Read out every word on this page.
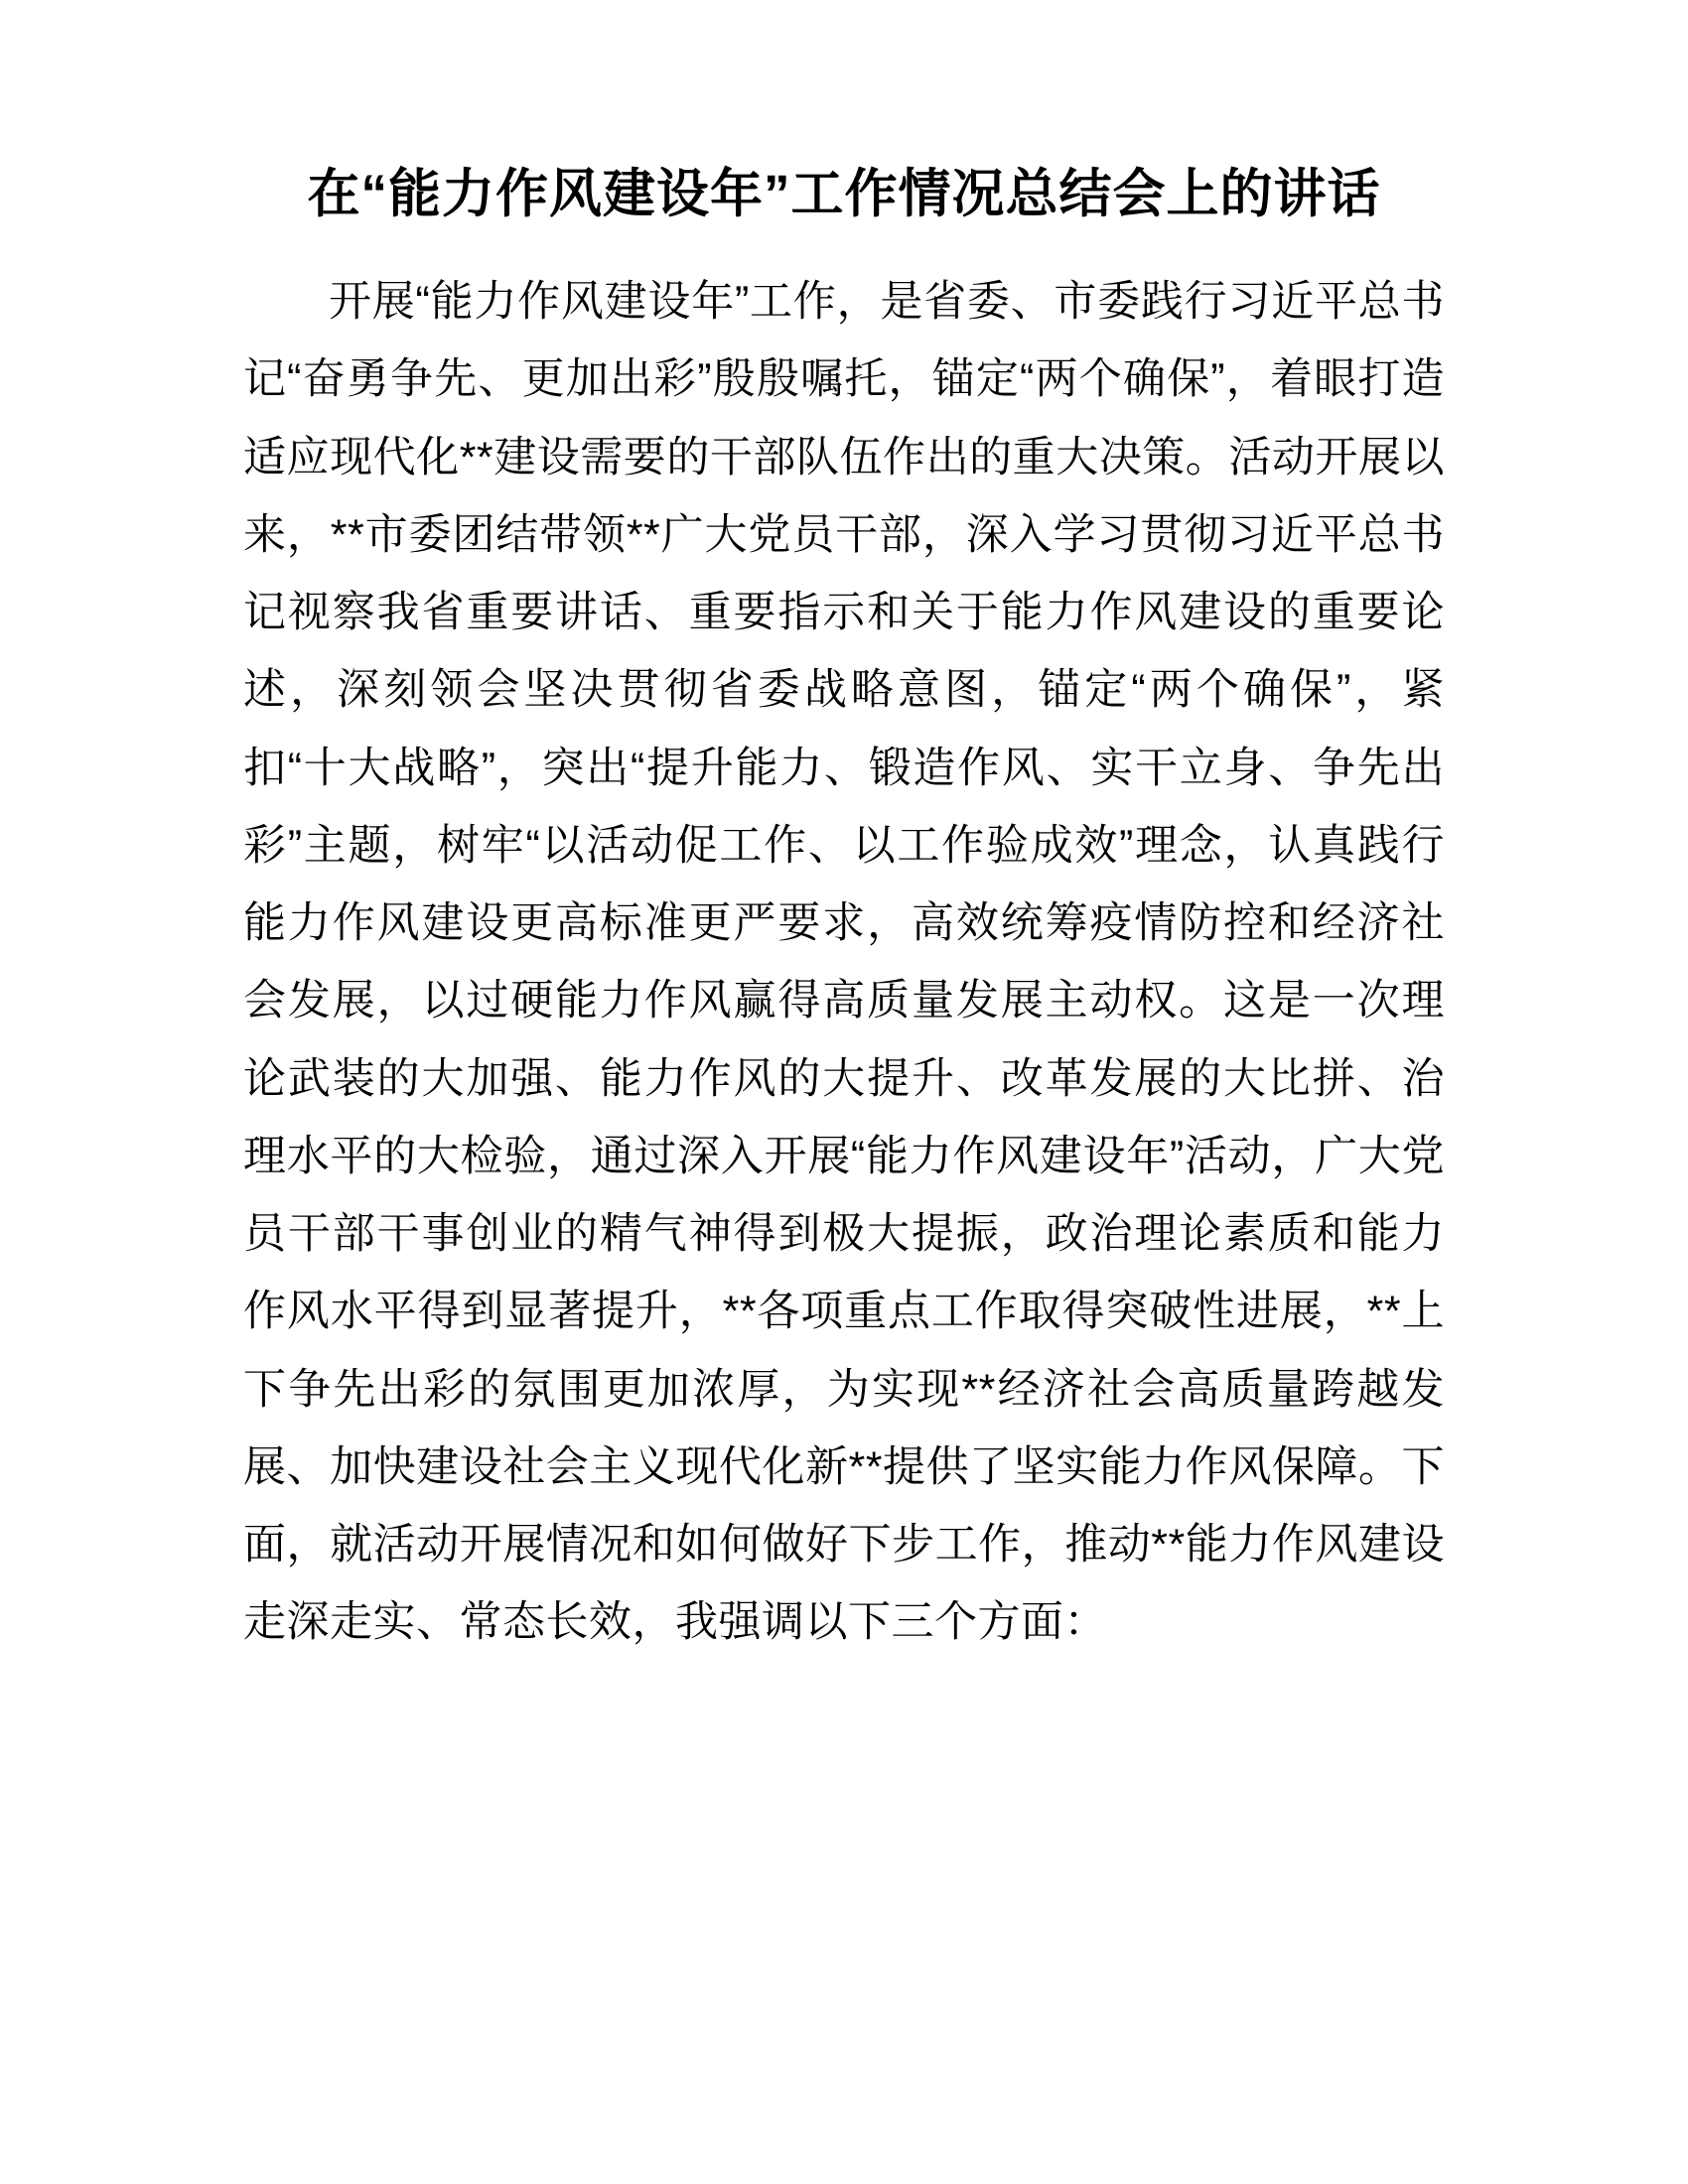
在“能力作风建设年”工作情况总结会上的讲话

开展“能力作风建设年”工作，是省委、市委践行习近平总书记“奋勇争先、更加出彩”殷殷嘱托，锚定“两个确保”，着眼打造适应现代化**建设需要的干部队伍作出的重大决策。活动开展以来，**市委团结带领**广大党员干部，深入学习贯彻习近平总书记视察我省重要讲话、重要指示和关于能力作风建设的重要论述，深刻领会坚决贯彻省委战略意图，锚定“两个确保”，紧扣“十大战略”，突出“提升能力、锻造作风、实干立身、争先出彩”主题，树牢“以活动促工作、以工作验成效”理念，认真践行能力作风建设更高标准更严要求，高效统筹疫情防控和经济社会发展，以过硬能力作风赢得高质量发展主动权。这是一次理论武装的大加强、能力作风的大提升、改革发展的大比拼、治理水平的大检验，通过深入开展“能力作风建设年”活动，广大党员干部干事创业的精气神得到极大提振，政治理论素质和能力作风水平得到显著提升，**各项重点工作取得突破性进展，**上下争先出彩的氛围更加浓厚，为实现**经济社会高质量跨越发展、加快建设社会主义现代化新**提供了坚实能力作风保障。下面，就活动开展情况和如何做好下步工作，推动**能力作风建设走深走实、常态长效，我强调以下三个方面：
